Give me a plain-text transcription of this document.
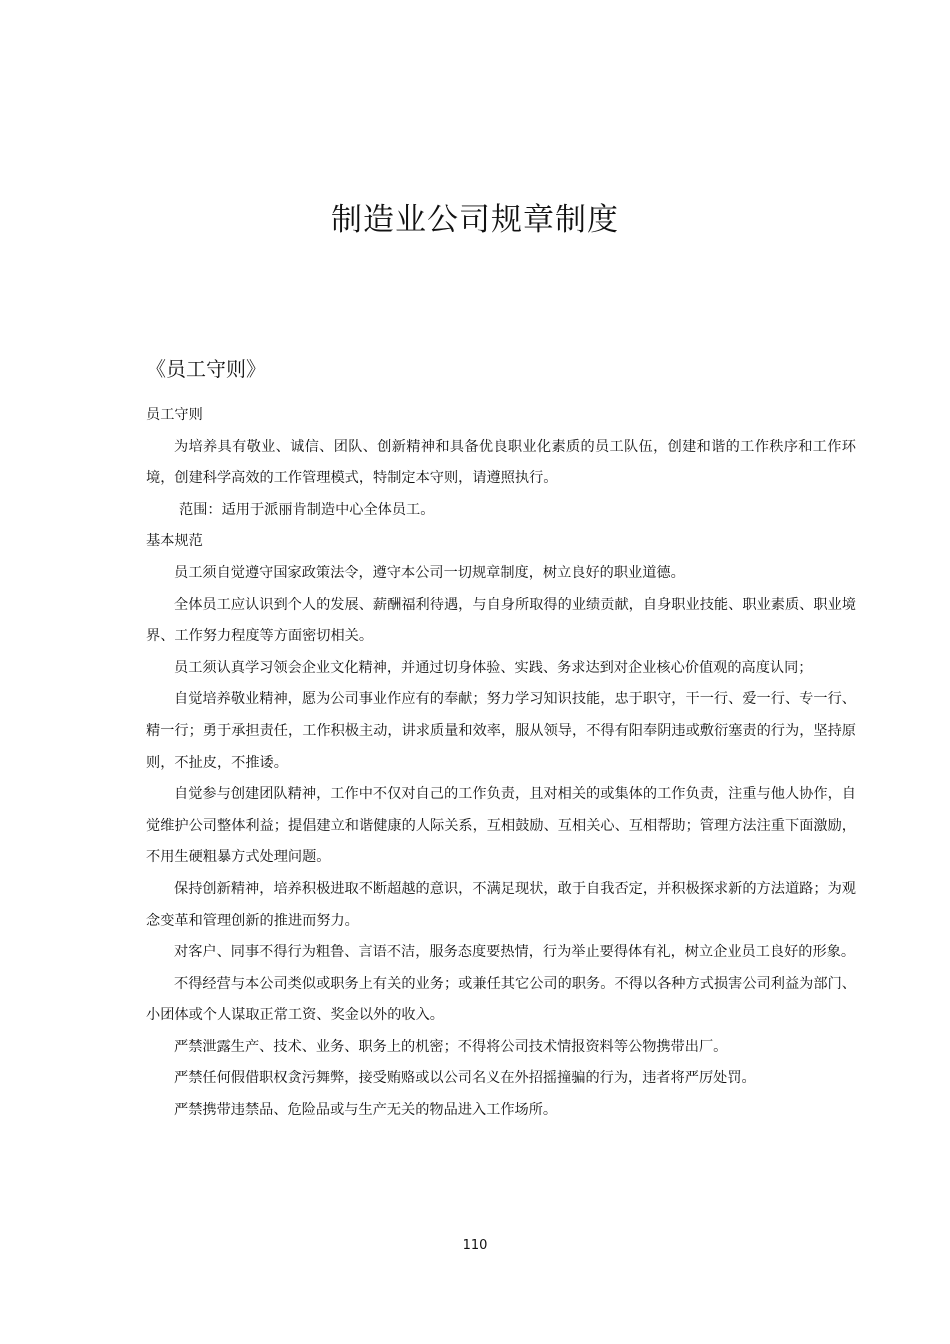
制造业公司规章制度
《员工守则》

员工守则

为培养具有敬业、诚信、团队、创新精神和具备优良职业化素质的员工队伍，创建和谐的工作秩序和工作环境，创建科学高效的工作管理模式，特制定本守则，请遵照执行。

范围：适用于派丽肯制造中心全体员工。

基本规范

员工须自觉遵守国家政策法令，遵守本公司一切规章制度，树立良好的职业道德。

全体员工应认识到个人的发展、薪酬福利待遇，与自身所取得的业绩贡献，自身职业技能、职业素质、职业境界、工作努力程度等方面密切相关。

员工须认真学习领会企业文化精神，并通过切身体验、实践、务求达到对企业核心价值观的高度认同；

自觉培养敬业精神，愿为公司事业作应有的奉献；努力学习知识技能，忠于职守，干一行、爱一行、专一行、精一行；勇于承担责任，工作积极主动，讲求质量和效率，服从领导，不得有阳奉阴违或敷衍塞责的行为，坚持原则，不扯皮，不推诿。

自觉参与创建团队精神，工作中不仅对自己的工作负责，且对相关的或集体的工作负责，注重与他人协作，自觉维护公司整体利益；提倡建立和谐健康的人际关系，互相鼓励、互相关心、互相帮助；管理方法注重下面激励，不用生硬粗暴方式处理问题。

保持创新精神，培养积极进取不断超越的意识，不满足现状，敢于自我否定，并积极探求新的方法道路；为观念变革和管理创新的推进而努力。

对客户、同事不得行为粗鲁、言语不洁，服务态度要热情，行为举止要得体有礼，树立企业员工良好的形象。

不得经营与本公司类似或职务上有关的业务；或兼任其它公司的职务。不得以各种方式损害公司利益为部门、小团体或个人谋取正常工资、奖金以外的收入。

严禁泄露生产、技术、业务、职务上的机密；不得将公司技术情报资料等公物携带出厂。

严禁任何假借职权贪污舞弊，接受贿赂或以公司名义在外招摇撞骗的行为，违者将严厉处罚。

严禁携带违禁品、危险品或与生产无关的物品进入工作场所。

110
